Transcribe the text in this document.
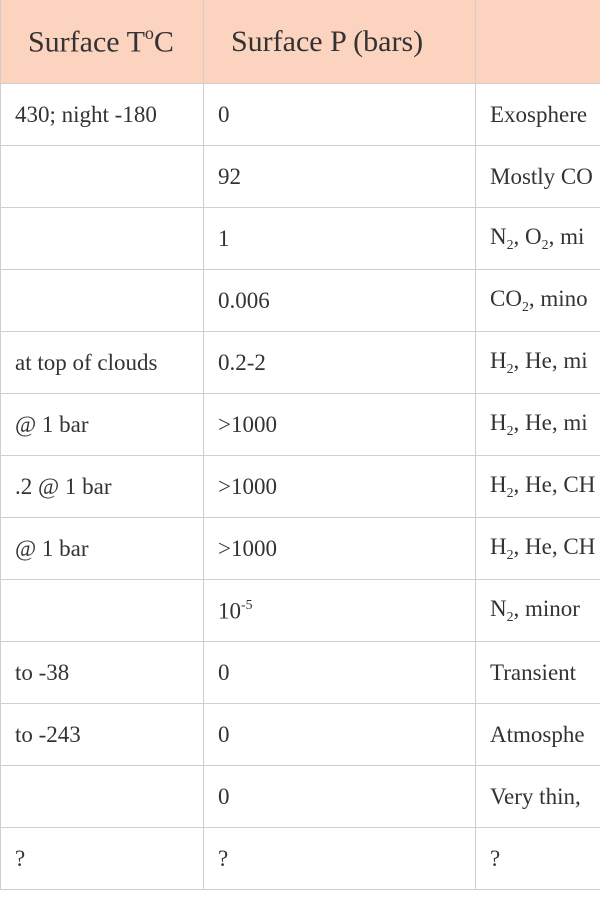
	Surface $T^oC$	Surface P (bars)	
	430; night -180	0	Exosphere
		92	Mostly CO
		1	$N_2$, $O_2$, mi
		0.006	$CO_2$, mino
	at top of clouds	0.2-2	$H_2$, He, mi
	@ 1 bar	>1000	$H_2$, He, mi
	.2 @ 1 bar	>1000	$H_2$, He, CH
	@ 1 bar	>1000	$H_2$, He, CH
		$10^{-5}$	$N_2$, minor
	to -38	0	Transient
	to -243	0	Atmosphe
		0	Very thin,
	?	?	?
